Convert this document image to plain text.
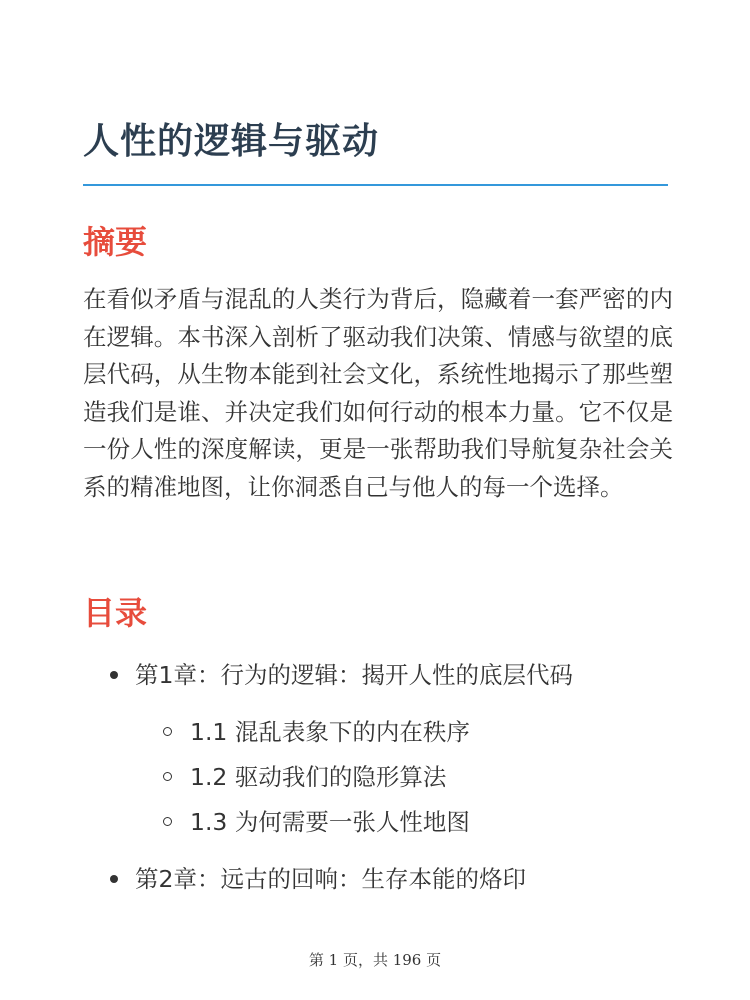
人性的逻辑与驱动
摘要

在看似矛盾与混乱的人类行为背后，隐藏着一套严密的内在逻辑。本书深入剖析了驱动我们决策、情感与欲望的底层代码，从生物本能到社会文化，系统性地揭示了那些塑造我们是谁、并决定我们如何行动的根本力量。它不仅是一份人性的深度解读，更是一张帮助我们导航复杂社会关系的精准地图，让你洞悉自己与他人的每一个选择。

目录
第1章：行为的逻辑：揭开人性的底层代码
1.1 混乱表象下的内在秩序
1.2 驱动我们的隐形算法
1.3 为何需要一张人性地图
第2章：远古的回响：生存本能的烙印
第 1 页，共 196 页
